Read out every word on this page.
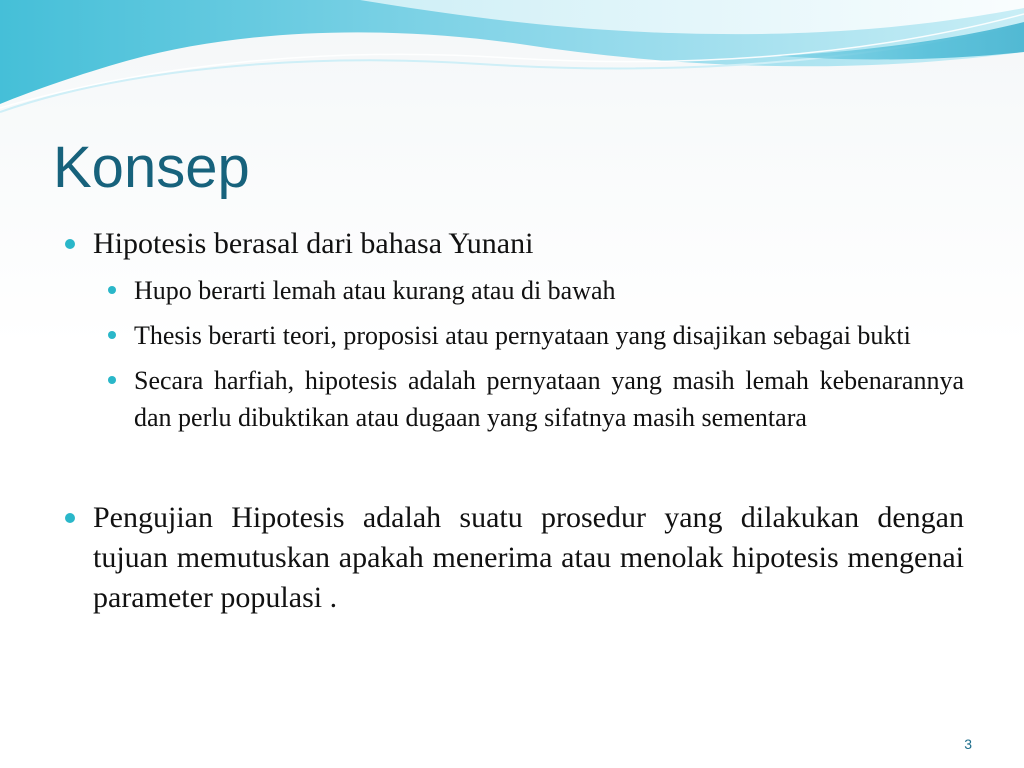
Konsep
Hipotesis berasal dari bahasa Yunani
Hupo berarti lemah atau kurang atau di bawah
Thesis berarti teori, proposisi atau pernyataan yang disajikan sebagai bukti
Secara harfiah, hipotesis adalah pernyataan yang masih lemah kebenarannya dan perlu dibuktikan atau dugaan yang sifatnya masih sementara
Pengujian Hipotesis adalah suatu prosedur yang dilakukan dengan tujuan memutuskan apakah menerima atau menolak hipotesis mengenai parameter populasi .
3
